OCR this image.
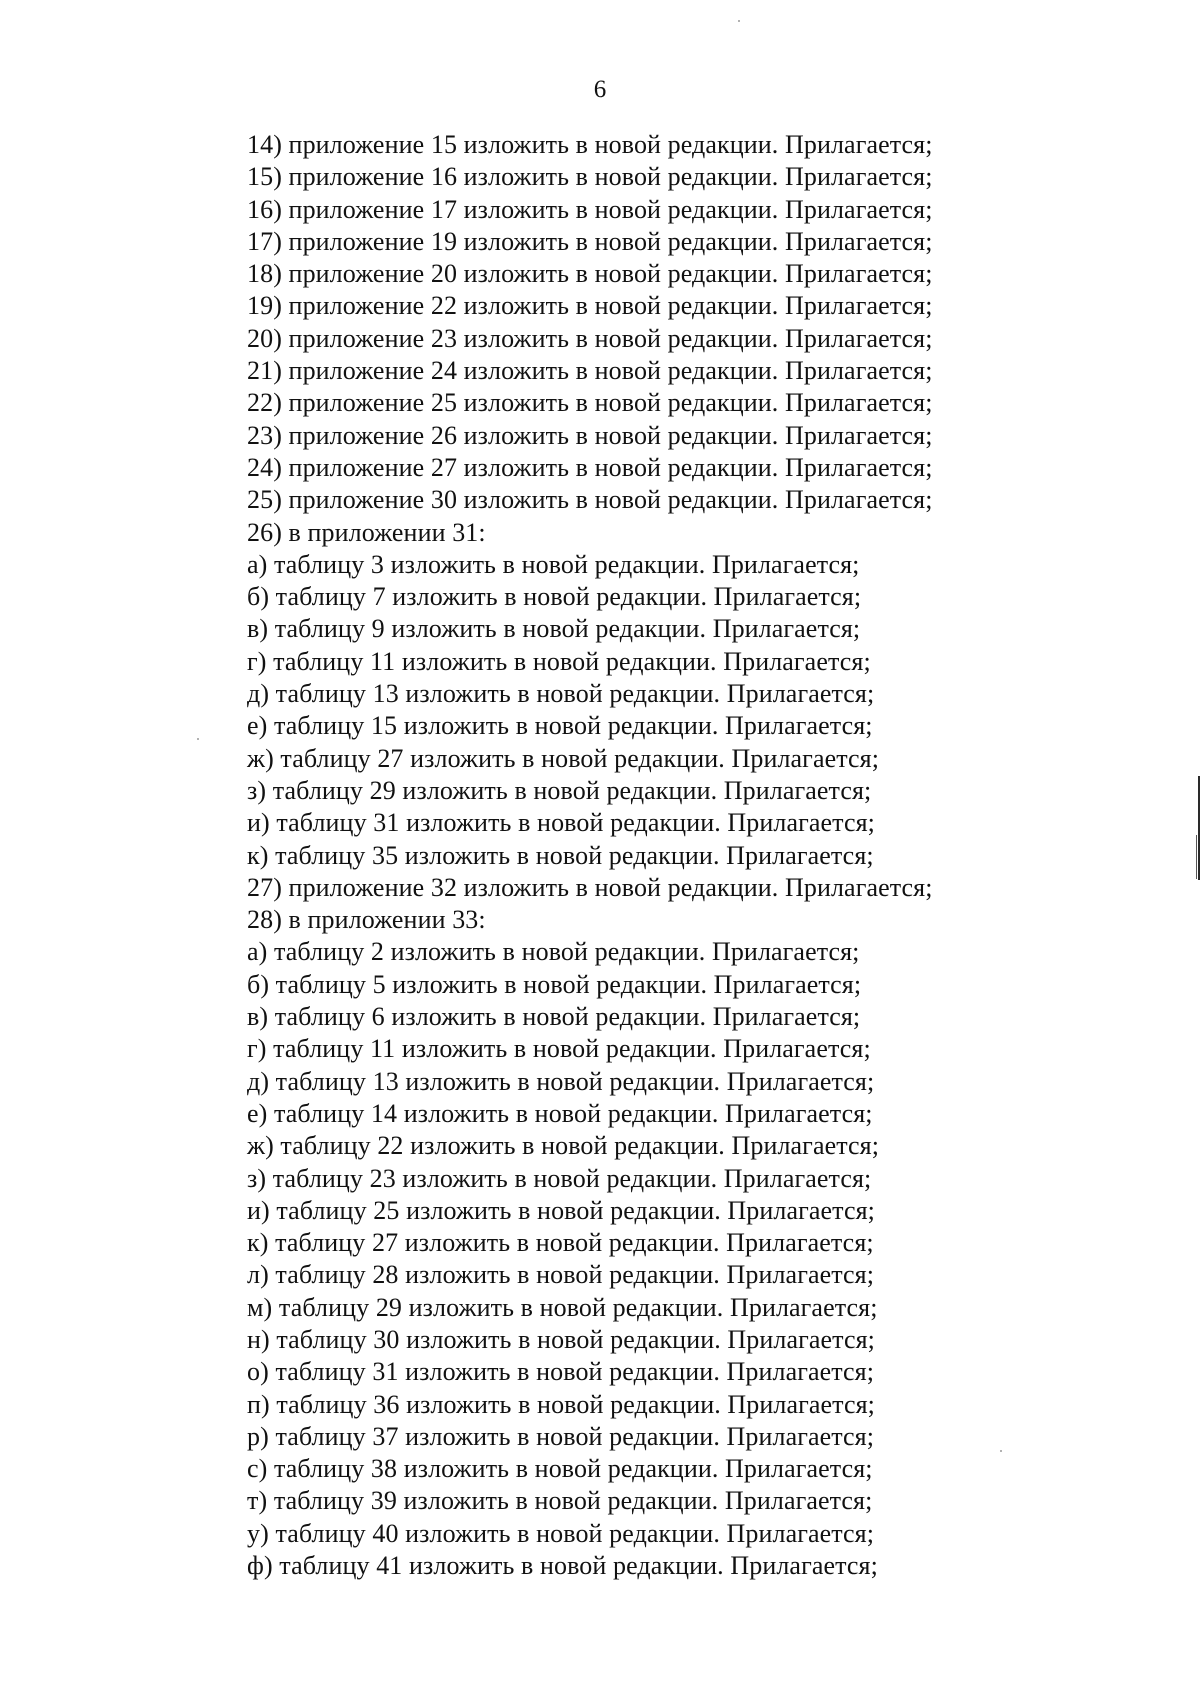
6
14) приложение 15 изложить в новой редакции. Прилагается;
15) приложение 16 изложить в новой редакции. Прилагается;
16) приложение 17 изложить в новой редакции. Прилагается;
17) приложение 19 изложить в новой редакции. Прилагается;
18) приложение 20 изложить в новой редакции. Прилагается;
19) приложение 22 изложить в новой редакции. Прилагается;
20) приложение 23 изложить в новой редакции. Прилагается;
21) приложение 24 изложить в новой редакции. Прилагается;
22) приложение 25 изложить в новой редакции. Прилагается;
23) приложение 26 изложить в новой редакции. Прилагается;
24) приложение 27 изложить в новой редакции. Прилагается;
25) приложение 30 изложить в новой редакции. Прилагается;
26) в приложении 31:
а) таблицу 3 изложить в новой редакции. Прилагается;
б) таблицу 7 изложить в новой редакции. Прилагается;
в) таблицу 9 изложить в новой редакции. Прилагается;
г) таблицу 11 изложить в новой редакции. Прилагается;
д) таблицу 13 изложить в новой редакции. Прилагается;
е) таблицу 15 изложить в новой редакции. Прилагается;
ж) таблицу 27 изложить в новой редакции. Прилагается;
з) таблицу 29 изложить в новой редакции. Прилагается;
и) таблицу 31 изложить в новой редакции. Прилагается;
к) таблицу 35 изложить в новой редакции. Прилагается;
27) приложение 32 изложить в новой редакции. Прилагается;
28) в приложении 33:
а) таблицу 2 изложить в новой редакции. Прилагается;
б) таблицу 5 изложить в новой редакции. Прилагается;
в) таблицу 6 изложить в новой редакции. Прилагается;
г) таблицу 11 изложить в новой редакции. Прилагается;
д) таблицу 13 изложить в новой редакции. Прилагается;
е) таблицу 14 изложить в новой редакции. Прилагается;
ж) таблицу 22 изложить в новой редакции. Прилагается;
з) таблицу 23 изложить в новой редакции. Прилагается;
и) таблицу 25 изложить в новой редакции. Прилагается;
к) таблицу 27 изложить в новой редакции. Прилагается;
л) таблицу 28 изложить в новой редакции. Прилагается;
м) таблицу 29 изложить в новой редакции. Прилагается;
н) таблицу 30 изложить в новой редакции. Прилагается;
о) таблицу 31 изложить в новой редакции. Прилагается;
п) таблицу 36 изложить в новой редакции. Прилагается;
р) таблицу 37 изложить в новой редакции. Прилагается;
с) таблицу 38 изложить в новой редакции. Прилагается;
т) таблицу 39 изложить в новой редакции. Прилагается;
у) таблицу 40 изложить в новой редакции. Прилагается;
ф) таблицу 41 изложить в новой редакции. Прилагается;
